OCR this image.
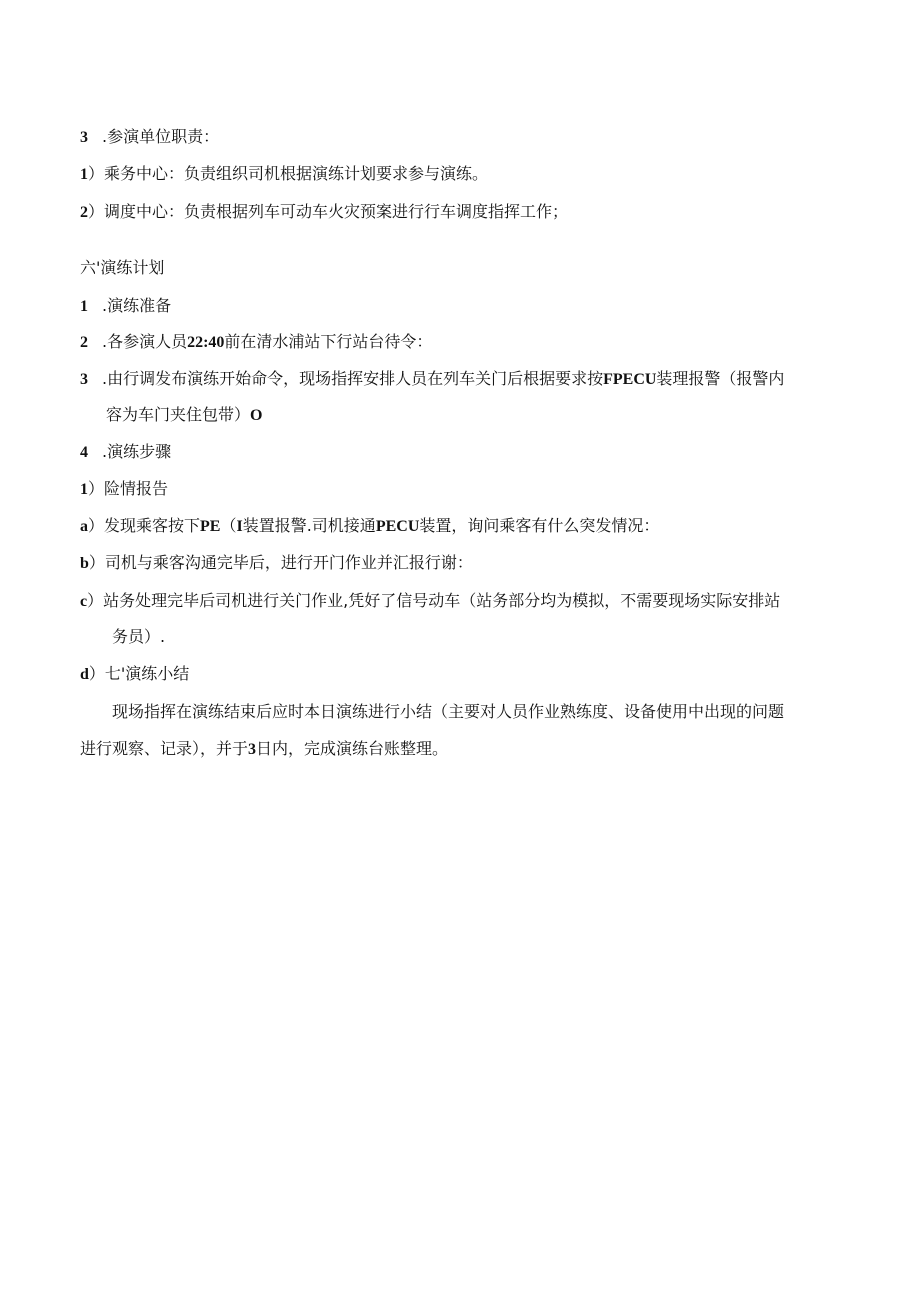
3 .参演单位职责：
1）乘务中心：负责组织司机根据演练计划要求参与演练。
2）调度中心：负责根据列车可动车火灾预案进行行车调度指挥工作；
六'演练计划
1 .演练准备
2 .各参演人员22:40前在清水浦站下行站台待令：
3 .由行调发布演练开始命令，现场指挥安排人员在列车关门后根据要求按FPECU装理报警（报警内
容为车门夹住包带）O
4 .演练步骤
1）险情报告
a）发现乘客按下PE（I装置报警.司机接通PECU装置，询问乘客有什么突发情况：
b）司机与乘客沟通完毕后，进行开门作业并汇报行谢：
c）站务处理完毕后司机进行关门作业,凭好了信号动车（站务部分均为模拟，不需要现场实际安排站
务员）.
d）七'演练小结
现场指挥在演练结束后应时本日演练进行小结（主要对人员作业熟练度、设备使用中出现的问题
进行观察、记录），并于3日内，完成演练台账整理。
